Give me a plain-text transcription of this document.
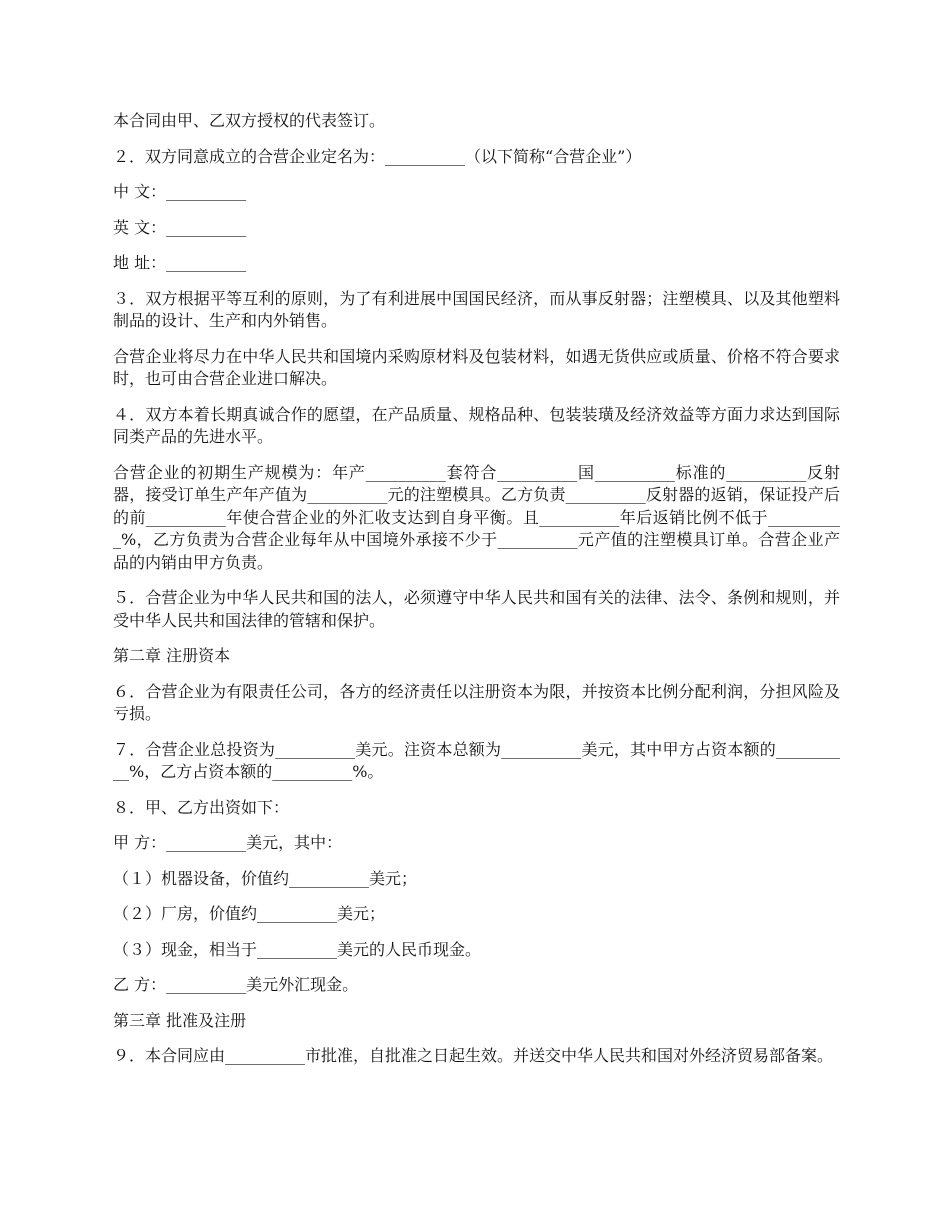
本合同由甲、乙双方授权的代表签订。

２．双方同意成立的合营企业定名为：__________（以下简称“合营企业”）

中 文：__________

英 文：__________

地 址：__________

３．双方根据平等互利的原则，为了有利进展中国国民经济，而从事反射器；注塑模具、以及其他塑料制品的设计、生产和内外销售。

合营企业将尽力在中华人民共和国境内采购原材料及包装材料，如遇无货供应或质量、价格不符合要求时，也可由合营企业进口解决。

４．双方本着长期真诚合作的愿望，在产品质量、规格品种、包装装璜及经济效益等方面力求达到国际同类产品的先进水平。

合营企业的初期生产规模为：年产__________套符合__________国__________标准的__________反射器，接受订单生产年产值为__________元的注塑模具。乙方负责__________反射器的返销，保证投产后的前__________年使合营企业的外汇收支达到自身平衡。且__________年后返销比例不低于__________%，乙方负责为合营企业每年从中国境外承接不少于__________元产值的注塑模具订单。合营企业产品的内销由甲方负责。

５．合营企业为中华人民共和国的法人，必须遵守中华人民共和国有关的法律、法令、条例和规则，并受中华人民共和国法律的管辖和保护。

第二章 注册资本

６．合营企业为有限责任公司，各方的经济责任以注册资本为限，并按资本比例分配利润，分担风险及亏损。

７．合营企业总投资为__________美元。注资本总额为__________美元，其中甲方占资本额的__________%，乙方占资本额的__________%。

８．甲、乙方出资如下：

甲 方：__________美元，其中：

（１）机器设备，价值约__________美元；

（２）厂房，价值约__________美元；

（３）现金，相当于__________美元的人民币现金。

乙 方：__________美元外汇现金。

第三章 批准及注册

９．本合同应由__________市批准，自批准之日起生效。并送交中华人民共和国对外经济贸易部备案。
